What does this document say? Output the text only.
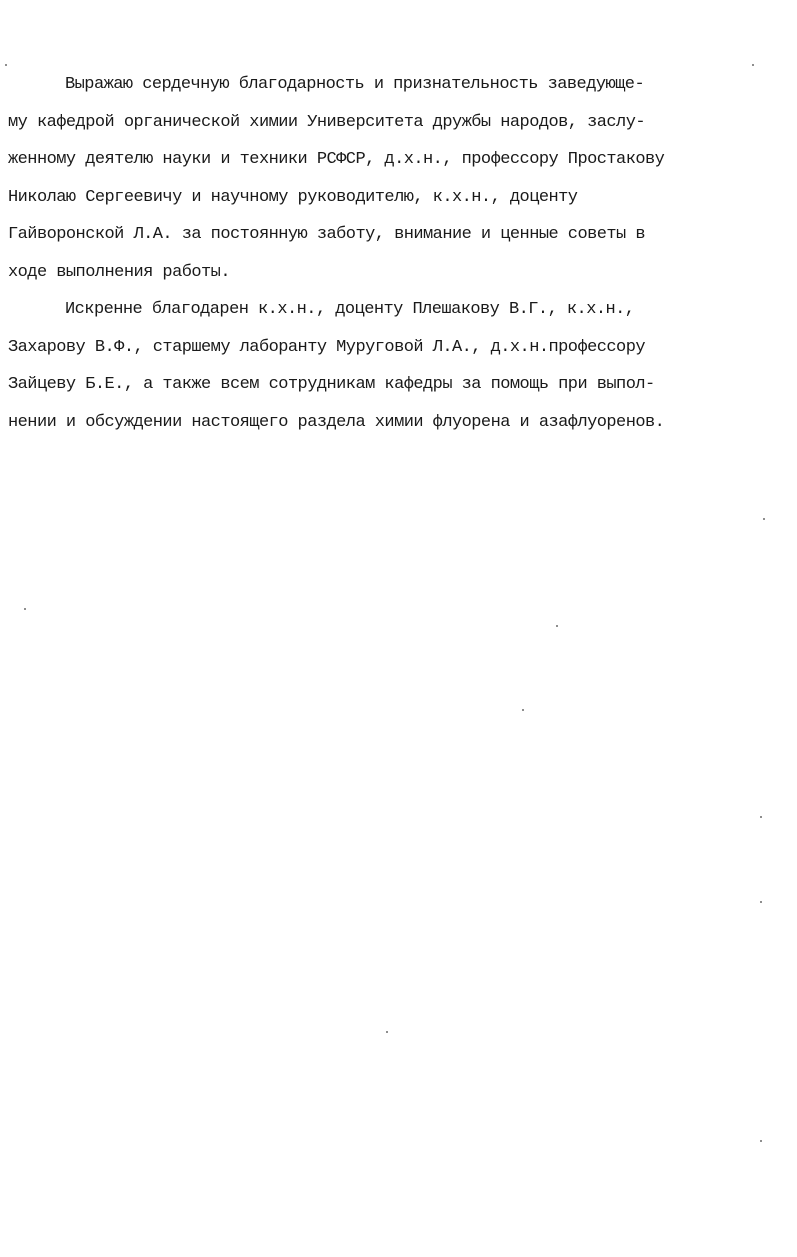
Выражаю сердечную благодарность и признательность заведующе-
му кафедрой органической химии Университета дружбы народов, заслу-
женному деятелю науки и техники РСФСР, д.х.н., профессору Простакову
Николаю Сергеевичу и научному руководителю, к.х.н., доценту
Гайворонской Л.А. за постоянную заботу, внимание и ценные советы в
ходе выполнения работы.
Искренне благодарен к.х.н., доценту Плешакову В.Г., к.х.н.,
Захарову В.Ф., старшему лаборанту Муруговой Л.А., д.х.н.профессору
Зайцеву Б.Е., а также всем сотрудникам кафедры за помощь при выпол-
нении и обсуждении настоящего раздела химии флуорена и азафлуоренов.
